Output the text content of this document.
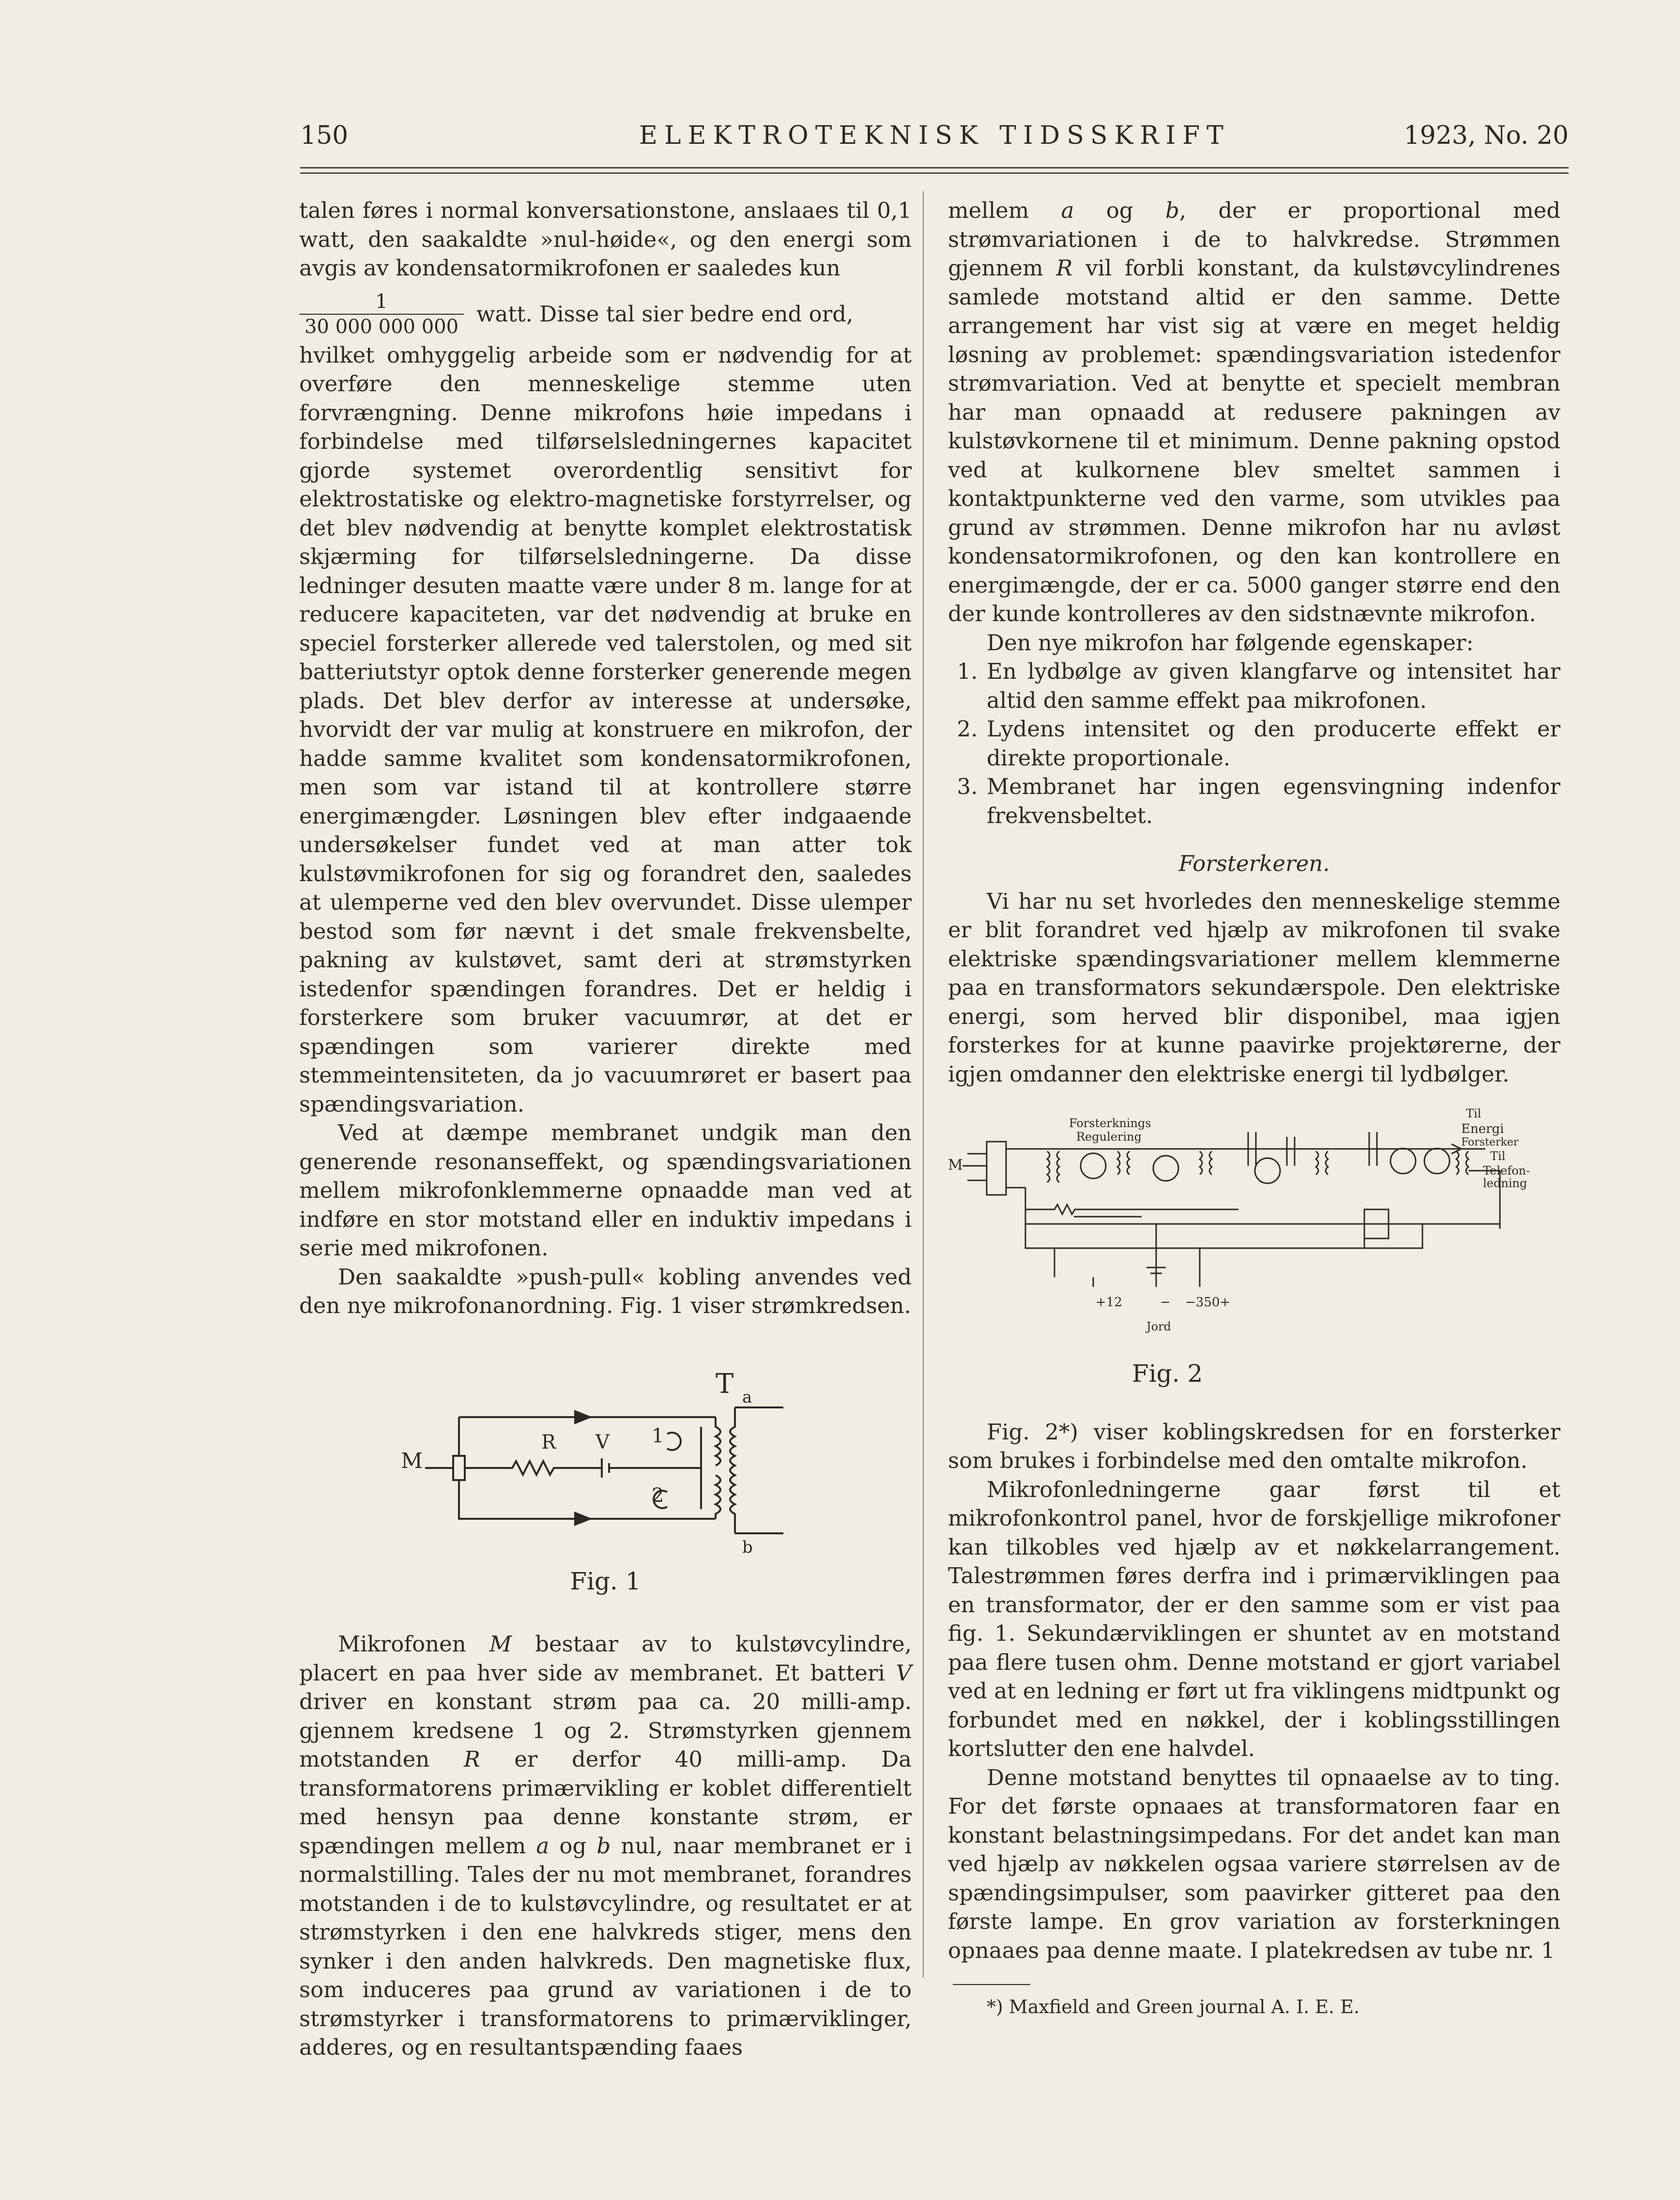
150	ELEKTROTEKNISK TIDSSKRIFT	1923, No. 20

talen føres i normal konversationstone, anslaaes til 0,1 watt, den saakaldte »nul-høide«, og den energi som avgis av kondensatormikrofonen er saaledes kun

$\frac{1}{30 000 000 000}$ watt. Disse tal sier bedre end ord,

hvilket omhyggelig arbeide som er nødvendig for at overføre den menneskelige stemme uten forvrængning. Denne mikrofons høie impedans i forbindelse med tilførselsledningernes kapacitet gjorde systemet overordentlig sensitivt for elektrostatiske og elektro-magnetiske forstyrrelser, og det blev nødvendig at benytte komplet elektrostatisk skjærming for tilførselsledningerne. Da disse ledninger desuten maatte være under 8 m. lange for at reducere kapaciteten, var det nødvendig at bruke en speciel forsterker allerede ved talerstolen, og med sit batteriutstyr optok denne forsterker generende megen plads. Det blev derfor av interesse at undersøke, hvorvidt der var mulig at konstruere en mikrofon, der hadde samme kvalitet som kondensatormikrofonen, men som var istand til at kontrollere større energimængder. Løsningen blev efter indgaaende undersøkelser fundet ved at man atter tok kulstøvmikrofonen for sig og forandret den, saaledes at ulemperne ved den blev overvundet. Disse ulemper bestod som før nævnt i det smale frekvensbelte, pakning av kulstøvet, samt deri at strømstyrken istedenfor spændingen forandres. Det er heldig i forsterkere som bruker vacuumrør, at det er spændingen som varierer direkte med stemmeintensiteten, da jo vacuumrøret er basert paa spændingsvariation.

Ved at dæmpe membranet undgik man den generende resonanseffekt, og spændingsvariationen mellem mikrofonklemmerne opnaadde man ved at indføre en stor motstand eller en induktiv impedans i serie med mikrofonen.

Den saakaldte »push-pull« kobling anvendes ved den nye mikrofonanordning. Fig. 1 viser strømkredsen.

T a
b
M
R V 1
2
Fig. 1

Mikrofonen M bestaar av to kulstøvcylindre, placert en paa hver side av membranet. Et batteri V driver en konstant strøm paa ca. 20 milli-amp. gjennem kredsene 1 og 2. Strømstyrken gjennem motstanden R er derfor 40 milli-amp. Da transformatorens primærvikling er koblet differentielt med hensyn paa denne konstante strøm, er spændingen mellem a og b nul, naar membranet er i normalstilling. Tales der nu mot membranet, forandres motstanden i de to kulstøvcylindre, og resultatet er at strømstyrken i den ene halvkreds stiger, mens den synker i den anden halvkreds. Den magnetiske flux, som induceres paa grund av variationen i de to strømstyrker i transformatorens to primærviklinger, adderes, og en resultantspænding faaes

mellem a og b, der er proportional med strømvariationen i de to halvkredse. Strømmen gjennem R vil forbli konstant, da kulstøvcylindrenes samlede motstand altid er den samme. Dette arrangement har vist sig at være en meget heldig løsning av problemet: spændingsvariation istedenfor strømvariation. Ved at benytte et specielt membran har man opnaadd at redusere pakningen av kulstøvkornene til et minimum. Denne pakning opstod ved at kulkornene blev smeltet sammen i kontaktpunkterne ved den varme, som utvikles paa grund av strømmen. Denne mikrofon har nu avløst kondensatormikrofonen, og den kan kontrollere en energimængde, der er ca. 5000 ganger større end den der kunde kontrolleres av den sidstnævnte mikrofon.

Den nye mikrofon har følgende egenskaper:

1. En lydbølge av given klangfarve og intensitet har altid den samme effekt paa mikrofonen.
2. Lydens intensitet og den producerte effekt er direkte proportionale.
3. Membranet har ingen egensvingning indenfor frekvensbeltet.
Forsterkeren.

Vi har nu set hvorledes den menneskelige stemme er blit forandret ved hjælp av mikrofonen til svake elektriske spændingsvariationer mellem klemmerne paa en transformators sekundærspole. Den elektriske energi, som herved blir disponibel, maa igjen forsterkes for at kunne paavirke projektørerne, der igjen omdanner den elektriske energi til lydbølger.

Forsterknings
Regulering
Til
Energi
Forsterker
Til
Telefon-
ledning
M
+12	− −350+
Jord
Fig. 2

Fig. 2*) viser koblingskredsen for en forsterker som brukes i forbindelse med den omtalte mikrofon.

Mikrofonledningerne gaar først til et mikrofonkontrol panel, hvor de forskjellige mikrofoner kan tilkobles ved hjælp av et nøkkelarrangement. Talestrømmen føres derfra ind i primærviklingen paa en transformator, der er den samme som er vist paa fig. 1. Sekundærviklingen er shuntet av en motstand paa flere tusen ohm. Denne motstand er gjort variabel ved at en ledning er ført ut fra viklingens midtpunkt og forbundet med en nøkkel, der i koblingsstillingen kortslutter den ene halvdel.

Denne motstand benyttes til opnaaelse av to ting. For det første opnaaes at transformatoren faar en konstant belastningsimpedans. For det andet kan man ved hjælp av nøkkelen ogsaa variere størrelsen av de spændingsimpulser, som paavirker gitteret paa den første lampe. En grov variation av forsterkningen opnaaes paa denne maate. I platekredsen av tube nr. 1

*) Maxfield and Green journal A. I. E. E.
